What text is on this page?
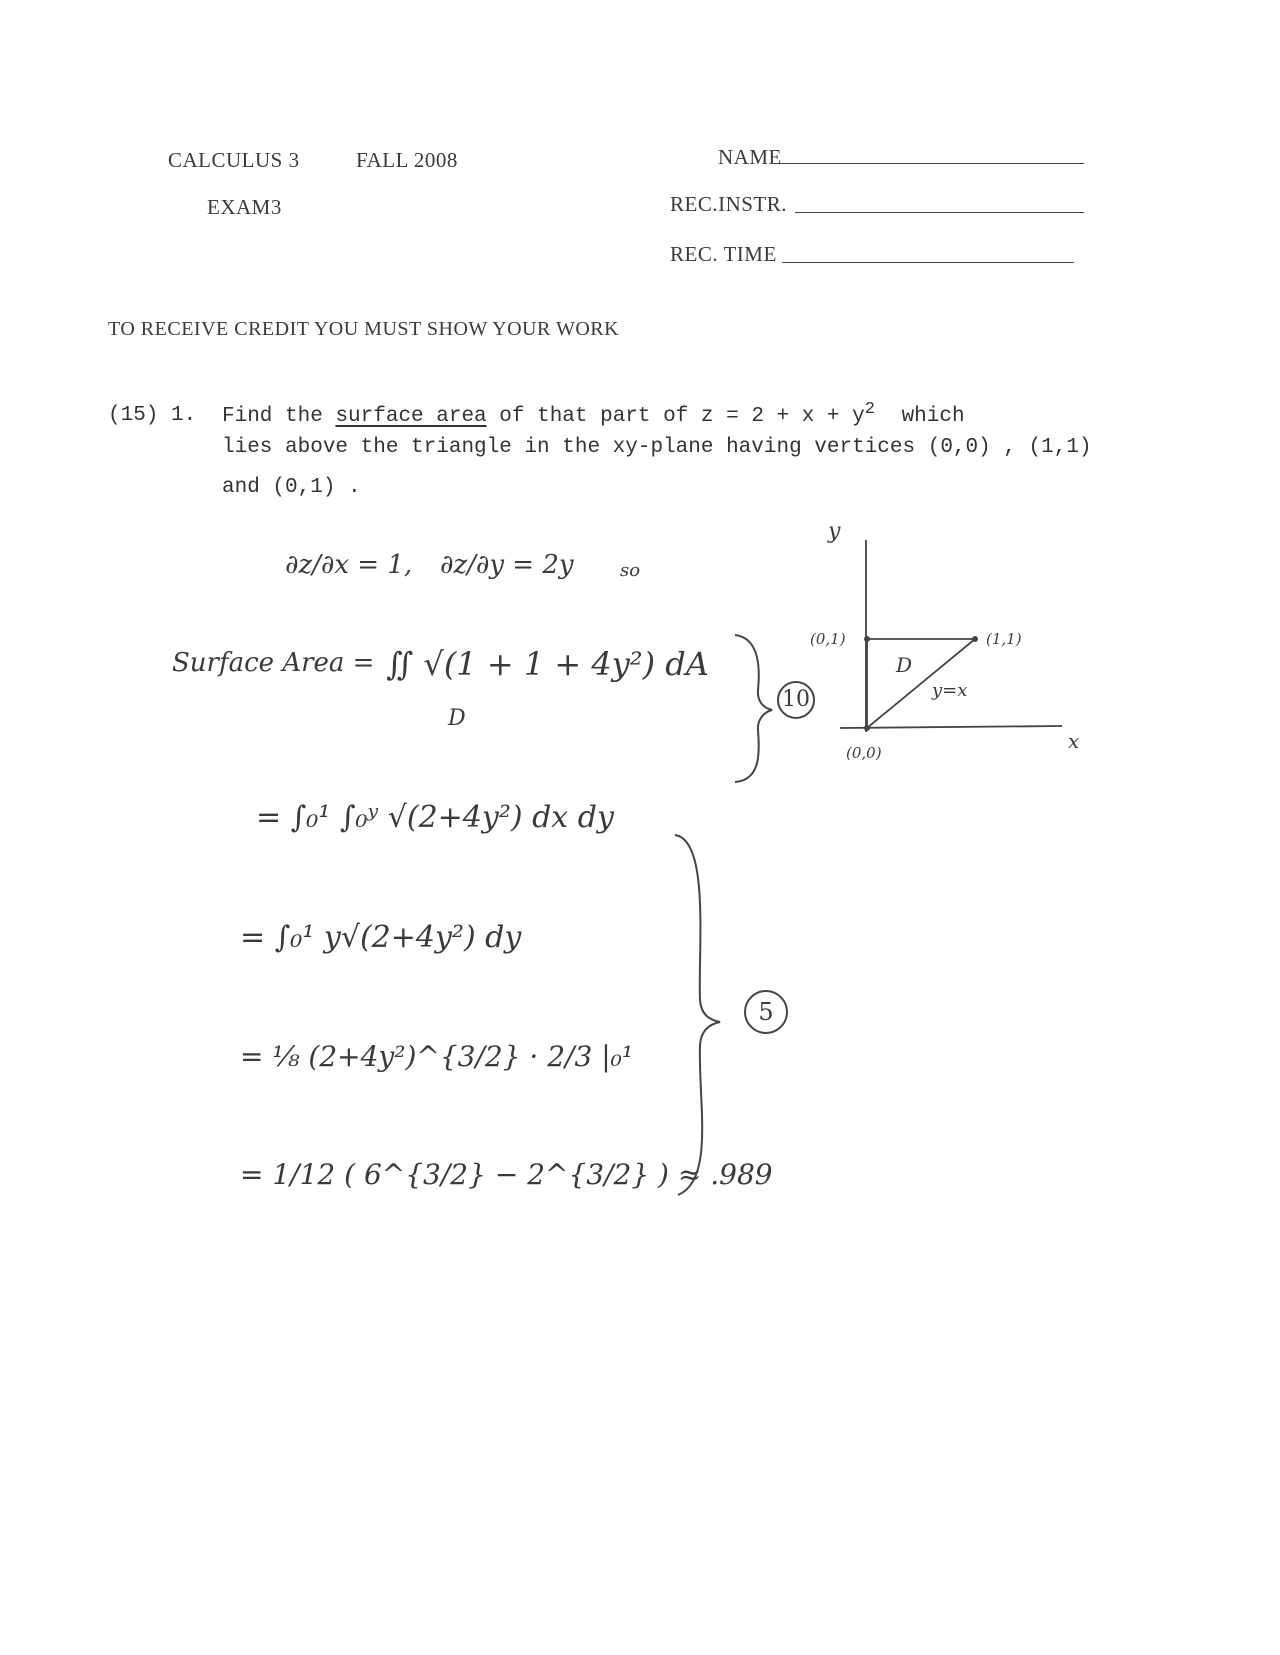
CALCULUS 3	FALL 2008
EXAM3
NAME
REC.INSTR.
REC. TIME
TO RECEIVE CREDIT YOU MUST SHOW YOUR WORK
(15) 1. Find the surface area of that part of $z = 2 + x + y^2$ which
lies above the triangle in the xy-plane having vertices (0,0) , (1,1)
and (0,1) .
∂z/∂x = 1, ∂z/∂y = 2y	so
Surface Area = ∬ √(1 + 1 + 4y²) dA
D
10
= ∫₀¹ ∫₀ʸ √(2+4y²) dx dy
= ∫₀¹ y√(2+4y²) dy
= ⅛ (2+4y²)^{3/2} · 2/3 |₀¹
= 1/12 ( 6^{3/2} − 2^{3/2} ) ≈ .989
5
y
x
(0,1)	(1,1)
(0,0)
D
y=x
